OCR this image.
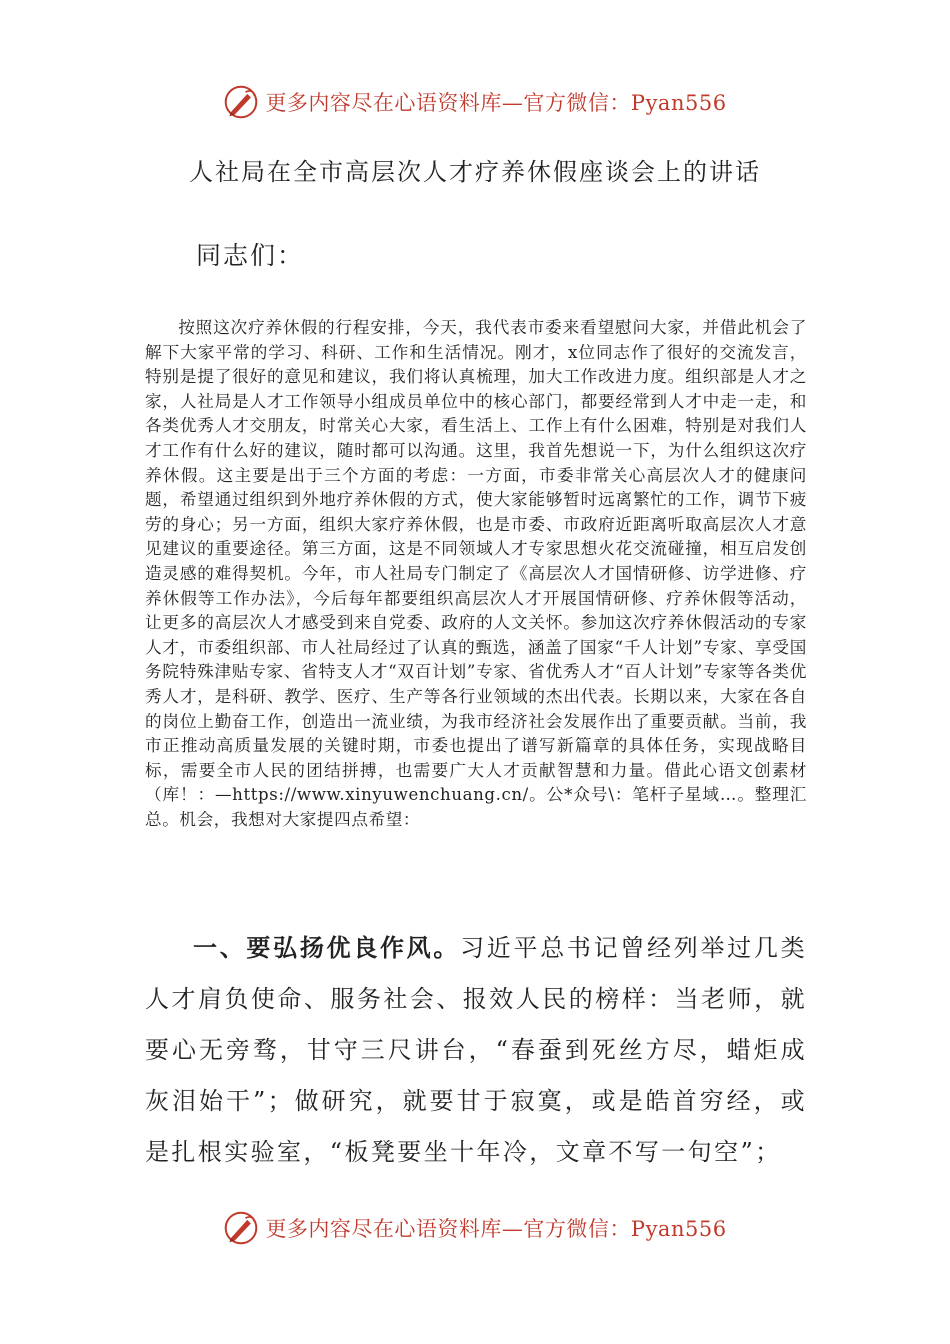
更多内容尽在心语资料库—官方微信：Pyan556
人社局在全市高层次人才疗养休假座谈会上的讲话
同志们：

按照这次疗养休假的行程安排，今天，我代表市委来看望慰问大家，并借此机会了解下大家平常的学习、科研、工作和生活情况。刚才，x位同志作了很好的交流发言，特别是提了很好的意见和建议，我们将认真梳理，加大工作改进力度。组织部是人才之家，人社局是人才工作领导小组成员单位中的核心部门，都要经常到人才中走一走，和各类优秀人才交朋友，时常关心大家，看生活上、工作上有什么困难，特别是对我们人才工作有什么好的建议，随时都可以沟通。这里，我首先想说一下，为什么组织这次疗养休假。这主要是出于三个方面的考虑：一方面，市委非常关心高层次人才的健康问题，希望通过组织到外地疗养休假的方式，使大家能够暂时远离繁忙的工作，调节下疲劳的身心；另一方面，组织大家疗养休假，也是市委、市政府近距离听取高层次人才意见建议的重要途径。第三方面，这是不同领域人才专家思想火花交流碰撞，相互启发创造灵感的难得契机。今年，市人社局专门制定了《高层次人才国情研修、访学进修、疗养休假等工作办法》，今后每年都要组织高层次人才开展国情研修、疗养休假等活动，让更多的高层次人才感受到来自党委、政府的人文关怀。参加这次疗养休假活动的专家人才，市委组织部、市人社局经过了认真的甄选，涵盖了国家“千人计划”专家、享受国务院特殊津贴专家、省特支人才“双百计划”专家、省优秀人才“百人计划”专家等各类优秀人才，是科研、教学、医疗、生产等各行业领域的杰出代表。长期以来，大家在各自的岗位上勤奋工作，创造出一流业绩，为我市经济社会发展作出了重要贡献。当前，我市正推动高质量发展的关键时期，市委也提出了谱写新篇章的具体任务，实现战略目标，需要全市人民的团结拼搏，也需要广大人才贡献智慧和力量。借此心语文创素材（库！：—https://www.xinyuwenchuang.cn/。公*众号\：笔杆子星域…。整理汇总。机会，我想对大家提四点希望：

一、要弘扬优良作风。习近平总书记曾经列举过几类人才肩负使命、服务社会、报效人民的榜样：当老师，就要心无旁骛，甘守三尺讲台，“春蚕到死丝方尽，蜡炬成灰泪始干”；做研究，就要甘于寂寞，或是皓首穷经，或是扎根实验室，“板凳要坐十年冷，文章不写一句空”；

更多内容尽在心语资料库—官方微信：Pyan556
